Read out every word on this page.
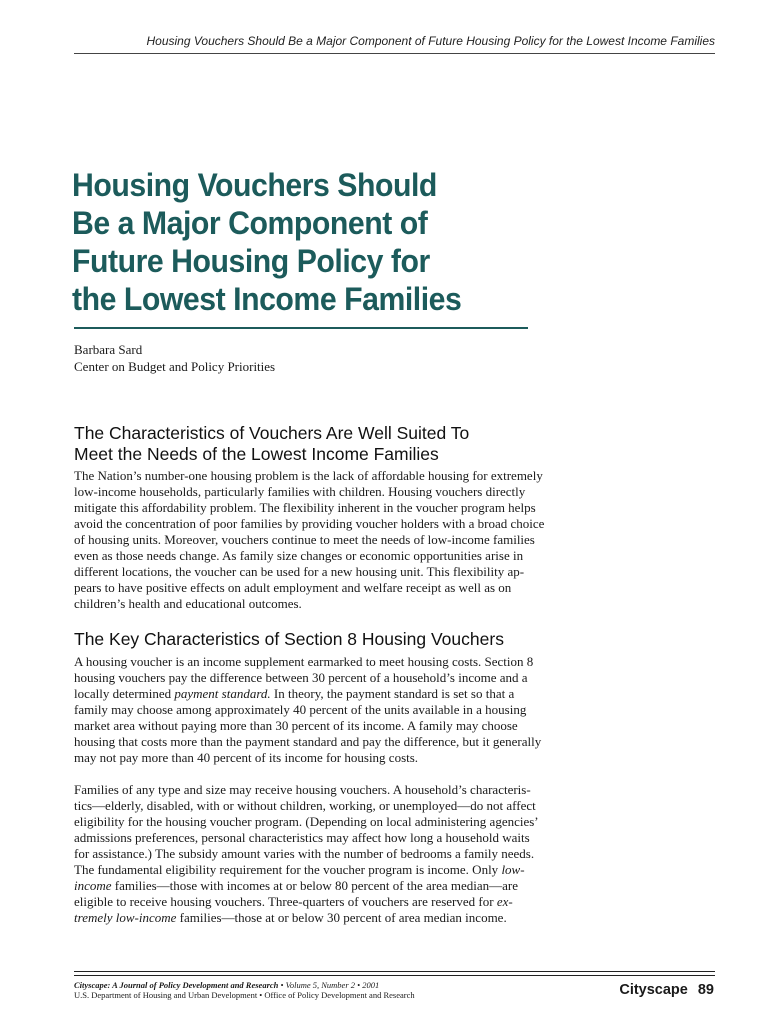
Housing Vouchers Should Be a Major Component of Future Housing Policy for the Lowest Income Families
Housing Vouchers Should
Be a Major Component of
Future Housing Policy for
the Lowest Income Families
Barbara Sard
Center on Budget and Policy Priorities
The Characteristics of Vouchers Are Well Suited To
Meet the Needs of the Lowest Income Families

The Nation’s number-one housing problem is the lack of affordable housing for extremely
low-income households, particularly families with children. Housing vouchers directly
mitigate this affordability problem. The flexibility inherent in the voucher program helps
avoid the concentration of poor families by providing voucher holders with a broad choice
of housing units. Moreover, vouchers continue to meet the needs of low-income families
even as those needs change. As family size changes or economic opportunities arise in
different locations, the voucher can be used for a new housing unit. This flexibility ap-
pears to have positive effects on adult employment and welfare receipt as well as on
children’s health and educational outcomes.

The Key Characteristics of Section 8 Housing Vouchers

A housing voucher is an income supplement earmarked to meet housing costs. Section 8
housing vouchers pay the difference between 30 percent of a household’s income and a
locally determined payment standard. In theory, the payment standard is set so that a
family may choose among approximately 40 percent of the units available in a housing
market area without paying more than 30 percent of its income. A family may choose
housing that costs more than the payment standard and pay the difference, but it generally
may not pay more than 40 percent of its income for housing costs.

Families of any type and size may receive housing vouchers. A household’s characteris-
tics—elderly, disabled, with or without children, working, or unemployed—do not affect
eligibility for the housing voucher program. (Depending on local administering agencies’
admissions preferences, personal characteristics may affect how long a household waits
for assistance.) The subsidy amount varies with the number of bedrooms a family needs.
The fundamental eligibility requirement for the voucher program is income. Only low-
income families—those with incomes at or below 80 percent of the area median—are
eligible to receive housing vouchers. Three-quarters of vouchers are reserved for ex-
tremely low-income families—those at or below 30 percent of area median income.

Cityscape: A Journal of Policy Development and Research • Volume 5, Number 2 • 2001
U.S. Department of Housing and Urban Development • Office of Policy Development and Research	Cityscape 89
